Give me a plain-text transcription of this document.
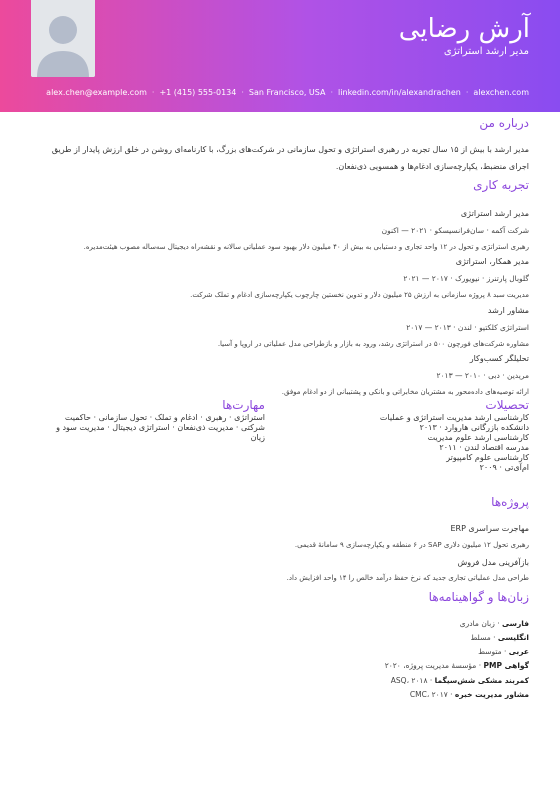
آرش رضایی
مدیر ارشد استراتژی
alex.chen@example.com · +1 (415) 555-0134 · San Francisco, USA · linkedin.com/in/alexandrachen · alexchen.com
درباره من
مدیر ارشد با بیش از ۱۵ سال تجربه در رهبری استراتژی و تحول سازمانی در شرکت‌های بزرگ، با کارنامه‌ای روشن در خلق ارزش پایدار از طریق اجرای منضبط، یکپارچه‌سازی ادغام‌ها و همسویی ذی‌نفعان.
تجربه کاری
مدیر ارشد استراتژی
شرکت آکمه · سان‌فرانسیسکو · ۲۰۲۱ — اکنون
رهبری استراتژی و تحول در ۱۲ واحد تجاری و دستیابی به بیش از ۴۰ میلیون دلار بهبود سود عملیاتی سالانه و نقشه‌راه دیجیتال سه‌ساله مصوب هیئت‌مدیره.
مدیر همکار، استراتژی
گلوبال پارتنرز · نیویورک · ۲۰۱۷ — ۲۰۲۱
مدیریت سبد ۸ پروژه سازمانی به ارزش ۲۵ میلیون دلار و تدوین نخستین چارچوب یکپارچه‌سازی ادغام و تملک شرکت.
مشاور ارشد
استراتژی کلکتیو · لندن · ۲۰۱۳ — ۲۰۱۷
مشاوره شرکت‌های فورچون ۵۰۰ در استراتژی رشد، ورود به بازار و بازطراحی مدل عملیاتی در اروپا و آسیا.
تحلیلگر کسب‌وکار
مریدین · دبی · ۲۰۱۰ — ۲۰۱۳
ارائه توصیه‌های داده‌محور به مشتریان مخابراتی و بانکی و پشتیبانی از دو ادغام موفق.
تحصیلات
کارشناسی ارشد مدیریت استراتژی و عملیات
دانشکده بازرگانی هاروارد · ۲۰۱۳
کارشناسی ارشد علوم مدیریت
مدرسه اقتصاد لندن · ۲۰۱۱
کارشناسی علوم کامپیوتر
ام‌آی‌تی · ۲۰۰۹
مهارت‌ها
استراتژی · رهبری · ادغام و تملک · تحول سازمانی · حاکمیت شرکتی · مدیریت ذی‌نفعان · استراتژی دیجیتال · مدیریت سود و زیان
پروژه‌ها
مهاجرت سراسری ERP
رهبری تحول ۱۲ میلیون دلاری SAP در ۶ منطقه و یکپارچه‌سازی ۹ سامانهٔ قدیمی.
بازآفرینی مدل فروش
طراحی مدل عملیاتی تجاری جدید که نرخ حفظ درآمد خالص را ۱۴ واحد افزایش داد.
زبان‌ها و گواهینامه‌ها
فارسی · زبان مادری
انگلیسی · مسلط
عربی · متوسط
گواهی PMP · مؤسسهٔ مدیریت پروژه، ۲۰۲۰
کمربند مشکی شش‌سیگما · ASQ، ۲۰۱۸
مشاور مدیریت خبره · CMC، ۲۰۱۷
